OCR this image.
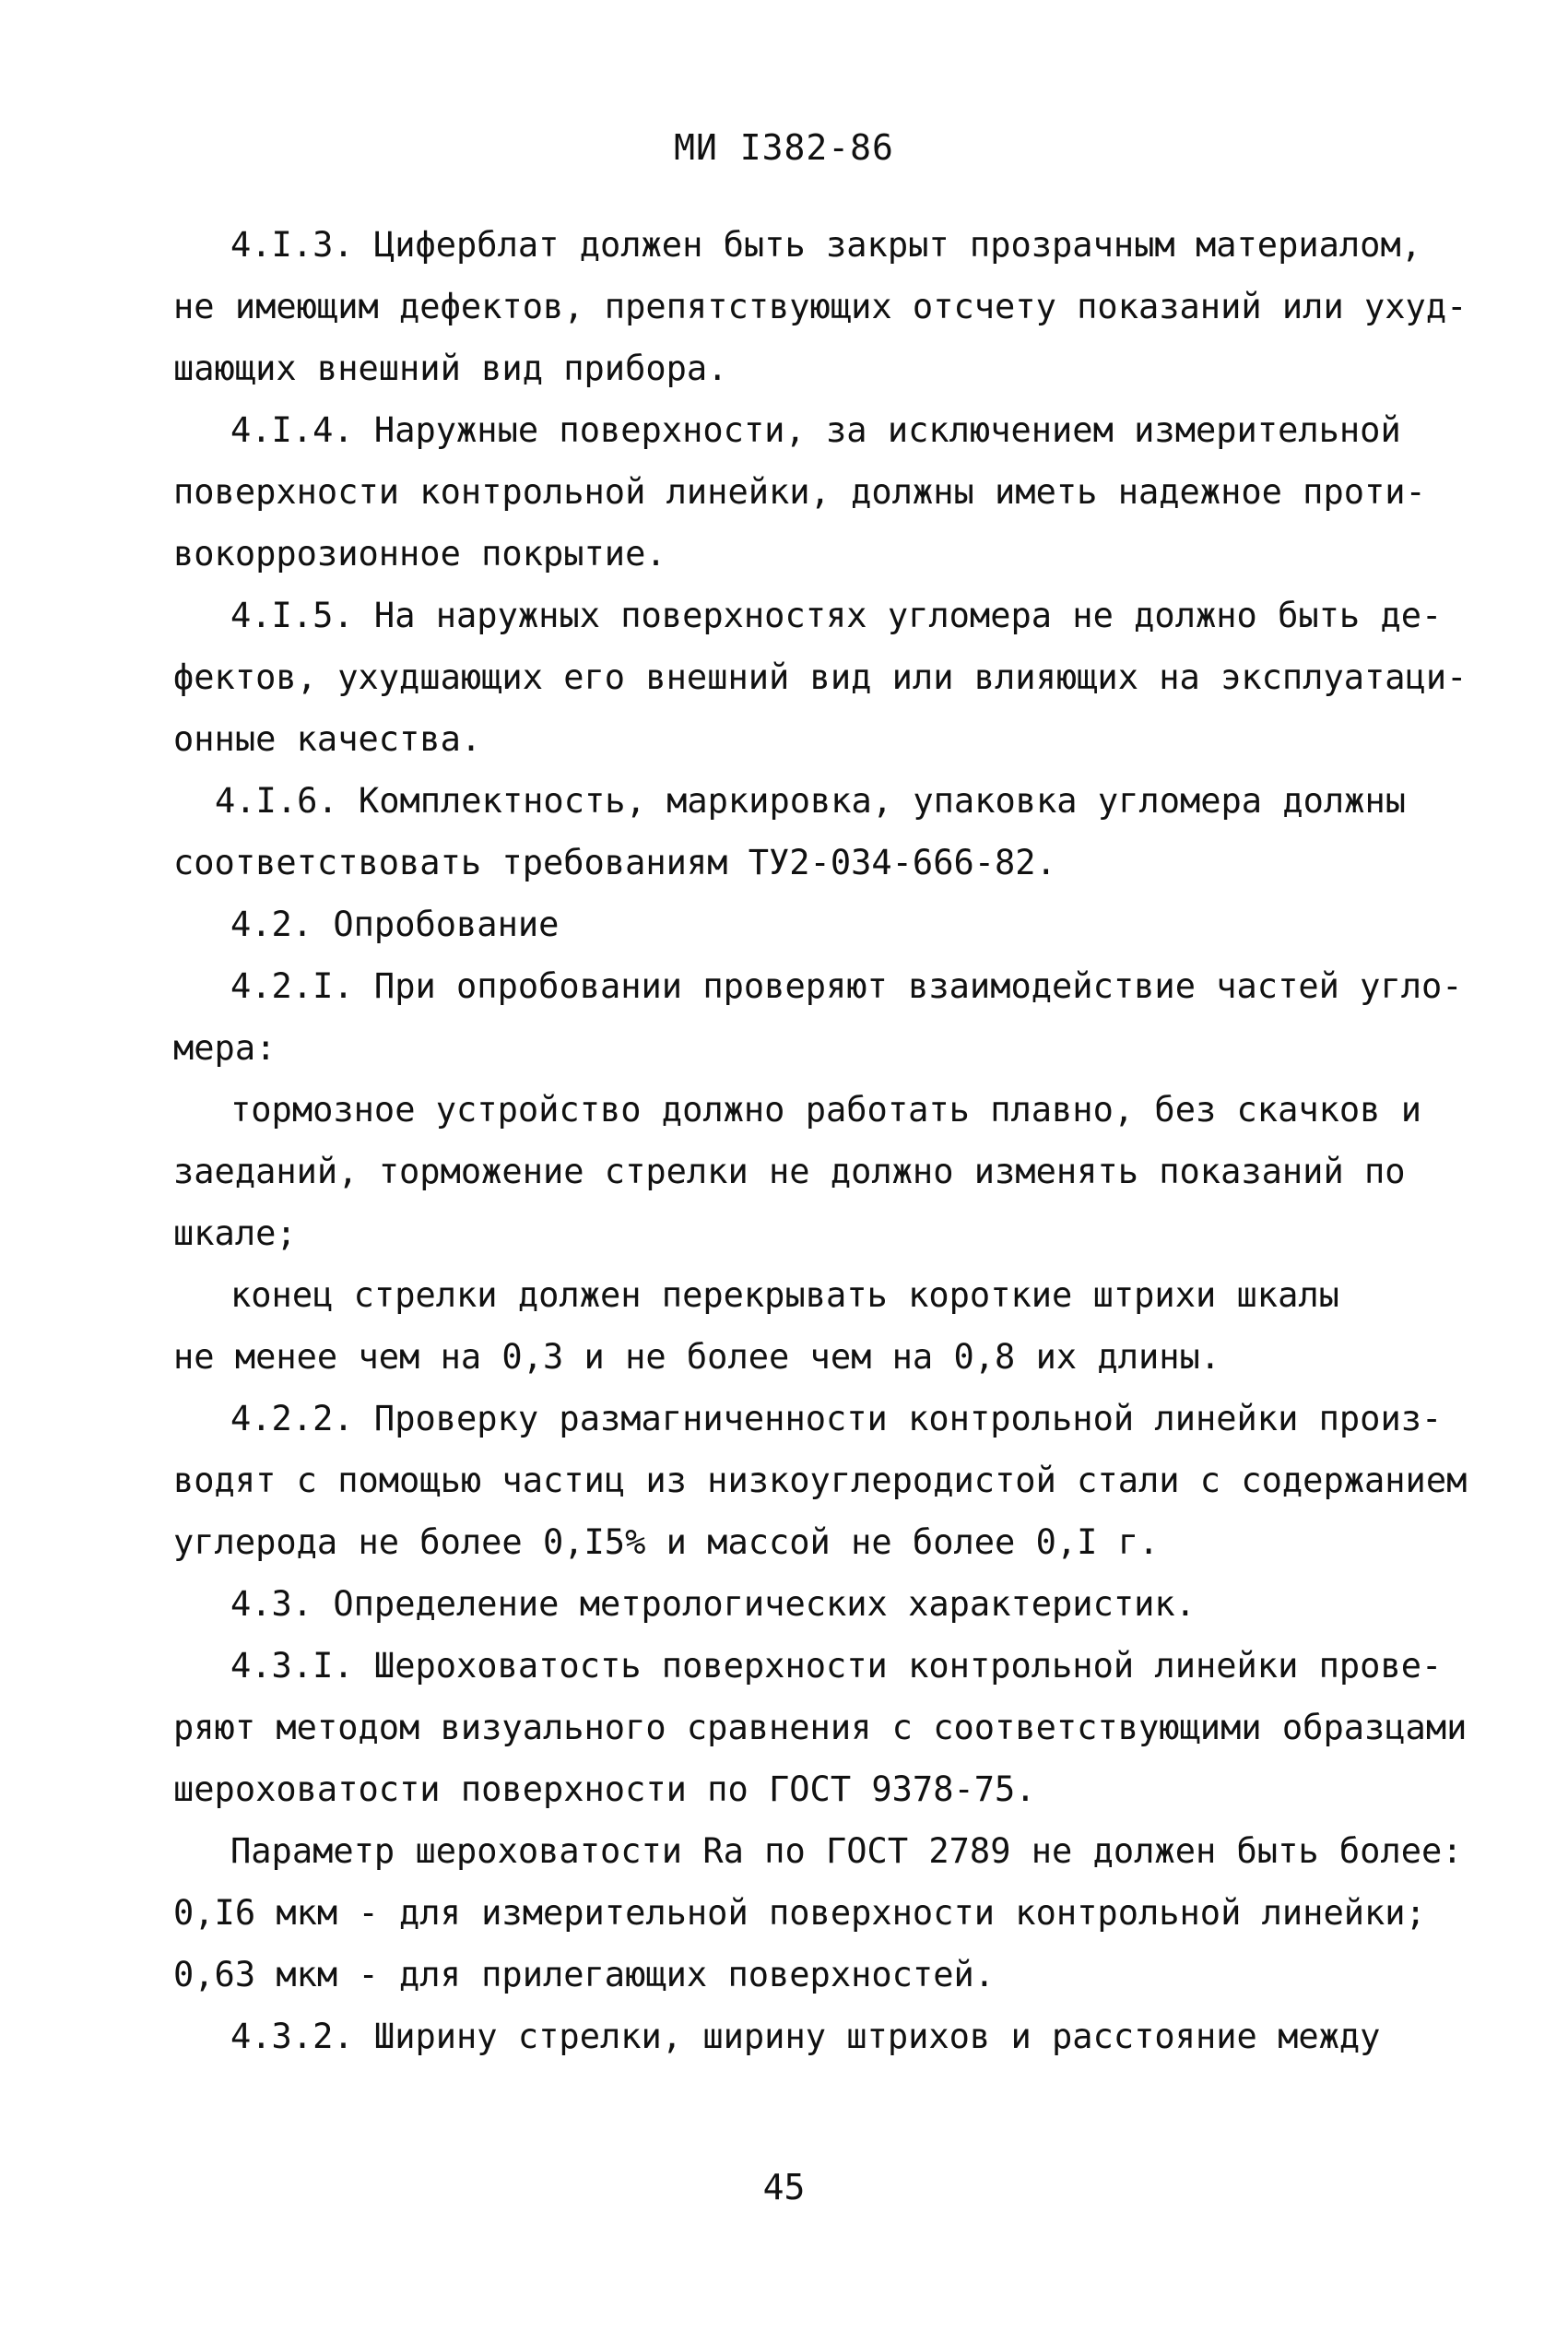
МИ I382-86
4.I.3. Циферблат должен быть закрыт прозрачным материалом,
не имеющим дефектов, препятствующих отсчету показаний или ухуд-
шающих внешний вид прибора.
4.I.4. Наружные поверхности, за исключением измерительной
поверхности контрольной линейки, должны иметь надежное проти-
вокоррозионное покрытие.
4.I.5. На наружных поверхностях угломера не должно быть де-
фектов, ухудшающих его внешний вид или влияющих на эксплуатаци-
онные качества.
4.I.6. Комплектность, маркировка, упаковка угломера должны
соответствовать требованиям ТУ2-034-666-82.
4.2. Опробование
4.2.I. При опробовании проверяют взаимодействие частей угло-
мера:
тормозное устройство должно работать плавно, без скачков и
заеданий, торможение стрелки не должно изменять показаний по
шкале;
конец стрелки должен перекрывать короткие штрихи шкалы
не менее чем на 0,3 и не более чем на 0,8 их длины.
4.2.2. Проверку размагниченности контрольной линейки произ-
водят с помощью частиц из низкоуглеродистой стали с содержанием
углерода не более 0,I5% и массой не более 0,I г.
4.3. Определение метрологических характеристик.
4.3.I. Шероховатость поверхности контрольной линейки прове-
ряют методом визуального сравнения с соответствующими образцами
шероховатости поверхности по ГОСТ 9378-75.
Параметр шероховатости Ra по ГОСТ 2789 не должен быть более:
0,I6 мкм - для измерительной поверхности контрольной линейки;
0,63 мкм - для прилегающих поверхностей.
4.3.2. Ширину стрелки, ширину штрихов и расстояние между
45
